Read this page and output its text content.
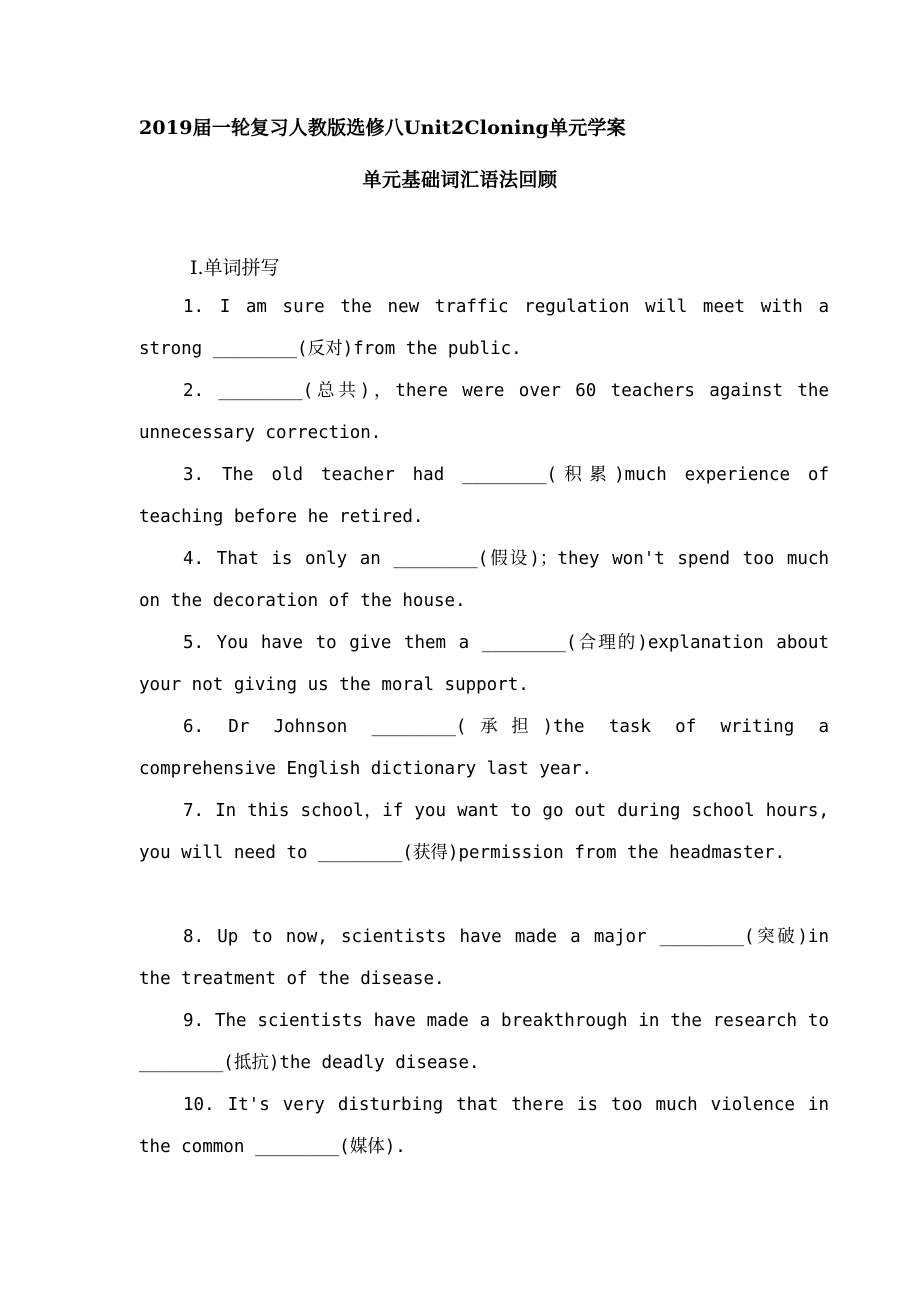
2019届一轮复习人教版选修八Unit2Cloning单元学案
单元基础词汇语法回顾
Ⅰ.单词拼写
1. I am sure the new traffic regulation will meet with a strong ________(反对)from the public.
2. ________(总共)，there were over 60 teachers against the unnecessary correction.
3. The old teacher had ________(积累)much experience of teaching before he retired.
4. That is only an ________(假设)；they won't spend too much on the decoration of the house.
5. You have to give them a ________(合理的)explanation about your not giving us the moral support.
6. Dr Johnson ________(承担)the task of writing a comprehensive English dictionary last year.
7. In this school，if you want to go out during school hours, you will need to ________(获得)permission from the headmaster.
8. Up to now, scientists have made a major ________(突破)in the treatment of the disease.
9. The scientists have made a breakthrough in the research to ________(抵抗)the deadly disease.
10. It's very disturbing that there is too much violence in the common ________(媒体).
